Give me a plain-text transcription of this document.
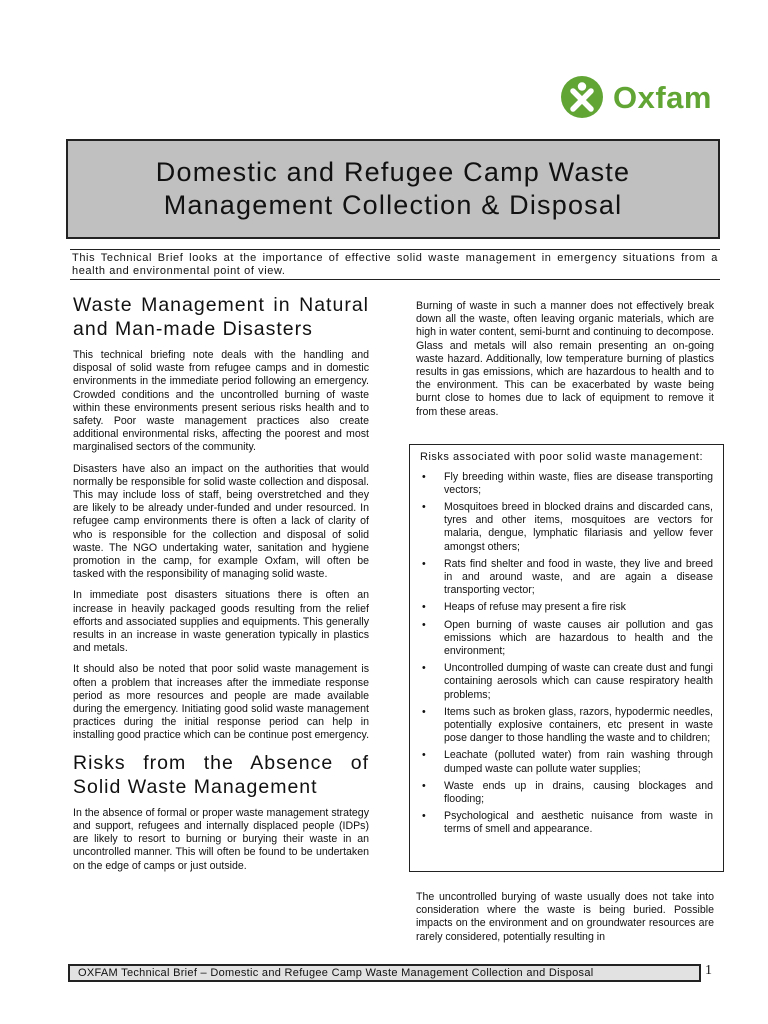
Oxfam
Domestic and Refugee Camp Waste
Management Collection & Disposal
This Technical Brief looks at the importance of effective solid waste management in emergency situations from a health and environmental point of view.
Waste Management in Natural and Man-made Disasters

This technical briefing note deals with the handling and disposal of solid waste from refugee camps and in domestic environments in the immediate period following an emergency. Crowded conditions and the uncontrolled burning of waste within these environments present serious risks health and to safety. Poor waste management practices also create additional environmental risks, affecting the poorest and most marginalised sectors of the community.

Disasters have also an impact on the authorities that would normally be responsible for solid waste collection and disposal. This may include loss of staff, being overstretched and they are likely to be already under-funded and under resourced. In refugee camp environments there is often a lack of clarity of who is responsible for the collection and disposal of solid waste. The NGO undertaking water, sanitation and hygiene promotion in the camp, for example Oxfam, will often be tasked with the responsibility of managing solid waste.

In immediate post disasters situations there is often an increase in heavily packaged goods resulting from the relief efforts and associated supplies and equipments. This generally results in an increase in waste generation typically in plastics and metals.

It should also be noted that poor solid waste management is often a problem that increases after the immediate response period as more resources and people are made available during the emergency. Initiating good solid waste management practices during the initial response period can help in installing good practice which can be continue post emergency.

Risks from the Absence of Solid Waste Management

In the absence of formal or proper waste management strategy and support, refugees and internally displaced people (IDPs) are likely to resort to burning or burying their waste in an uncontrolled manner. This will often be found to be undertaken on the edge of camps or just outside.

Burning of waste in such a manner does not effectively break down all the waste, often leaving organic materials, which are high in water content, semi-burnt and continuing to decompose. Glass and metals will also remain presenting an on-going waste hazard. Additionally, low temperature burning of plastics results in gas emissions, which are hazardous to health and to the environment. This can be exacerbated by waste being burnt close to homes due to lack of equipment to remove it from these areas.

Risks associated with poor solid waste management:
• Fly breeding within waste, flies are disease transporting vectors;
• Mosquitoes breed in blocked drains and discarded cans, tyres and other items, mosquitoes are vectors for malaria, dengue, lymphatic filariasis and yellow fever amongst others;
• Rats find shelter and food in waste, they live and breed in and around waste, and are again a disease transporting vector;
• Heaps of refuse may present a fire risk
• Open burning of waste causes air pollution and gas emissions which are hazardous to health and the environment;
• Uncontrolled dumping of waste can create dust and fungi containing aerosols which can cause respiratory health problems;
• Items such as broken glass, razors, hypodermic needles, potentially explosive containers, etc present in waste pose danger to those handling the waste and to children;
• Leachate (polluted water) from rain washing through dumped waste can pollute water supplies;
• Waste ends up in drains, causing blockages and flooding;
• Psychological and aesthetic nuisance from waste in terms of smell and appearance.
The uncontrolled burying of waste usually does not take into consideration where the waste is being buried. Possible impacts on the environment and on groundwater resources are rarely considered, potentially resulting in
OXFAM Technical Brief – Domestic and Refugee Camp Waste Management Collection and Disposal	1
